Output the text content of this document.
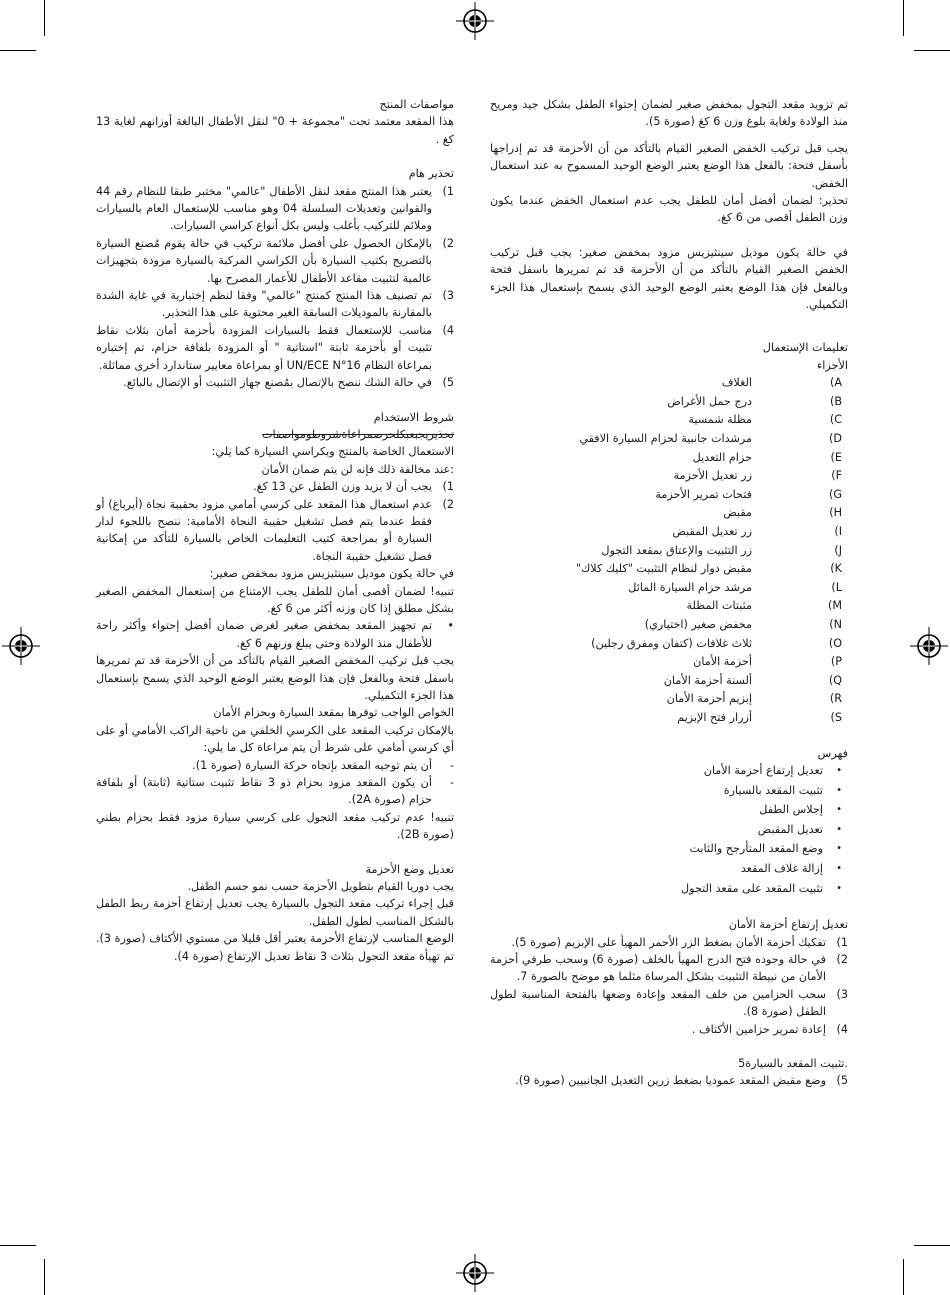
تم تزويد مقعد التجول بمخفض صغير لضمان إحتواء الطفل بشكل جيد ومريح منذ الولادة ولغاية بلوغ وزن 6 كغ (صورة 5).

يجب قبل تركيب الخفض الصغير القيام بالتأكد من أن الأحزمة قد تم إدراجها بأسفل فتحة: بالفعل هذا الوضع يعتبر الوضع الوحيد المسموح به عند استعمال الخفض.

تحذير: لضمان أفضل أمان للطفل يجب عدم استعمال الخفض عندما يكون وزن الطفل أقصى من 6 كغ.

في حالة يكون موديل سينثيزيس مزود بمخفض صغير: يجب قبل تركيب الخفض الصغير القيام بالتأكد من أن الأحزمة قد تم تمريرها باسفل فتحة وبالفعل فإن هذا الوضع يعتبر الوضع الوحيد الذي يسمح بإستعمال هذا الجزء التكميلي.

تعليمات الإستعمال
الأجزاء
A)
الغلاف
B)
درج حمل الأغراض
C)
مظلة شمسية
D)
مرشدات جانبية لحزام السيارة الافقي
E)
حزام التعديل
F)
زر تعديل الأحزمة
G)
فتحات تمرير الأحزمة
H)
مقبض
I)
زر تعديل المقبض
J)
زر التثبيت والإعتاق بمقعد التجول
K)
مقبض دوار لنظام التثبيت "كليك كلاك"
L)
مرشد حزام السيارة المائل
M)
مثبتات المظلة
N)
مخفض صغير (اختياري)
O)
ثلاث غلافات (كتفان ومفرق رجلين)
P)
أحزمة الأمان
Q)
ألسنة أحزمة الأمان
R)
إبزيم أحزمة الأمان
S)
أزرار فتح الإبزيم
فهرس
•
تعديل إرتفاع أحزمة الأمان
•
تثبيت المقعد بالسيارة
•
إجلاس الطفل
•
تعديل المقبض
•
وضع المقعد المتأرجح والثابت
•
إزالة غلاف المقعد
•
تثبيت المقعد على مقعد التجول
تعديل إرتفاع أحزمة الأمان
1)
تفكيك أحزمة الأمان بضغط الزر الأحمر المهيأ على الإبزيم (صورة 5).
2)
في حالة وجوده فتح الدرج المهيأ بالخلف (صورة 6) وسحب طرفي أحزمة الأمان من نبيطة التثبيت بشكل المرساة مثلما هو موضح بالصورة 7.
3)
سحب الحزامين من خلف المقعد وإعادة وضعها بالفتحة المناسبة لطول الطفل (صورة 8).
4)
إعادة تمرير حزامين الأكتاف .
.تثبيت المقعد بالسيارة5
5)
وضع مقبض المقعد عموديا بضغط زرين التعديل الجانبيين (صورة 9).
مواصفات المنتج

هذا المقعد معتمد تحت "مجموعة + 0" لنقل الأطفال البالغة أوزانهم لغاية 13 كغ .

تحذير هام
1)
يعتبر هذا المنتج مقعد لنقل الأطفال "عالمي" مختبر طبقا للنظام رقم 44 والقوانين وتعديلات السلسلة 04 وهو مناسب للإستعمال العام بالسيارات وملائم للتركيب بأغلب وليس بكل أنواع كراسي السيارات.
2)
بالإمكان الحصول على أفضل ملائمة تركيب في حالة يقوم مُصنع السيارة بالتصريح بكتيب السيارة بأن الكراسي المركبة بالسيارة مزودة بتجهيزات عالمية لتثبيت مقاعد الأطفال للأعمار المصرح بها.
3)
تم تصنيف هذا المنتج كمنتج "عالمي" وفقا لنظم إختبارية في غاية الشدة بالمقارنة بالموديلات السابقة الغير محتوية على هذا التحذير.
4)
مناسب للإستعمال فقط بالسيارات المزودة بأحزمة أمان بثلاث نقاط تثبيت أو بأحزمة ثابتة "استاتية " أو المزودة بلفافة حزام، تم إختباره بمراعاة النظام UN/ECE N°16 أو بمراعاة معايير ستاندارد أخرى مماثلة.
5)
في حالة الشك ننصح بالإتصال بمُصنع جهاز التثبيت أو الإتصال بالبائع.
شروط الاستخدام

تحذيريجبعبكلحرصمراعاةشروطومواصفات

الاستعمال الخاصة بالمنتج وبكراسي السيارة كما يلي:

:عند مخالفة ذلك فإنه لن يتم ضمان الأمان

1)
يجب أن لا يزيد وزن الطفل عن 13 كغ.
2)
عدم استعمال هذا المقعد على كرسي أمامي مزود بحقيبة نجاة (أيرباغ) أو فقط عندما يتم فصل تشغيل حقيبة النجاة الأمامية: ننصح باللجوء لدار السيارة أو بمراجعة كتيب التعليمات الخاص بالسيارة للتأكد من إمكانية فصل تشغيل حقيبة النجاة.

في حالة يكون موديل سينثيزيس مزود بمخفض صغير:

تنبيه! لضمان أقصى أمان للطفل يجب الإمتناع من إستعمال المخفض الصغير بشكل مطلق إذا كان وزنه أكثر من 6 كغ.

•
تم تجهيز المقعد بمخفض صغير لغرض ضمان أفضل إحتواء وأكثر راحة للأطفال منذ الولادة وحتى يبلغ وزنهم 6 كغ.

يجب قبل تركيب المخفض الصغير القيام بالتأكد من أن الأحزمة قد تم تمريرها باسفل فتحة وبالفعل فإن هذا الوضع يعتبر الوضع الوحيد الذي يسمح بإستعمال هذا الجزء التكميلي.

الخواص الواجب توفرها بمقعد السيارة وبحزام الأمان

بالإمكان تركيب المقعد على الكرسي الخلفي من ناحية الراكب الأمامي أو على أي كرسي أمامي على شرط أن يتم مراعاة كل ما يلي:

-
أن يتم توجيه المقعد بإتجاه حركة السيارة (صورة 1).
-
أن يكون المقعد مزود بحزام ذو 3 نقاط تثبيت ستاتية (ثابتة) أو بلفافة حزام (صورة 2A).

تنبيه! عدم تركيب مقعد التجول على كرسي سيارة مزود فقط بحزام بطني (صورة 2B).

تعديل وضع الأحزمة

يجب دوريا القيام بتطويل الأحزمة حسب نمو جسم الطفل.

قبل إجراء تركيب مقعد التجول بالسيارة يجب تعديل إرتفاع أحزمة ربط الطفل بالشكل المناسب لطول الطفل.

الوضع المناسب لإرتفاع الأحزمة يعتبر أقل قليلا من مستوي الأكتاف (صورة 3). تم تهيأة مقعد التجول بثلاث 3 نقاط تعديل الإرتفاع (صورة 4).
